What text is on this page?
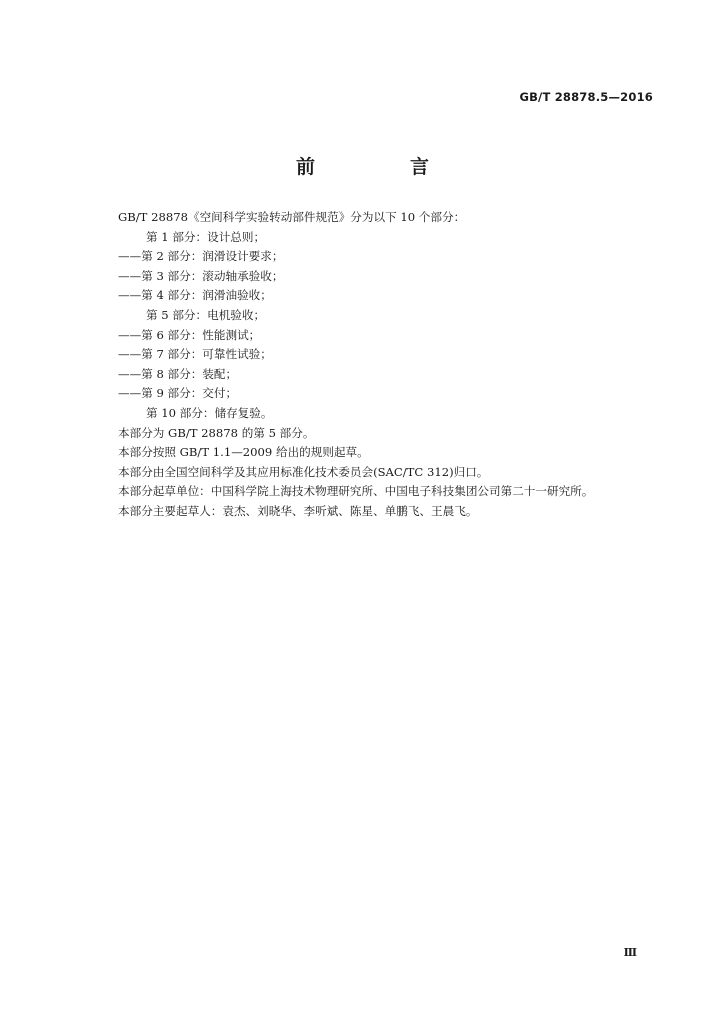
GB/T 28878.5—2016
前　言
GB/T 28878《空间科学实验转动部件规范》分为以下 10 个部分：
第 1 部分：设计总则；
——第 2 部分：润滑设计要求；
——第 3 部分：滚动轴承验收；
——第 4 部分：润滑油验收；
第 5 部分：电机验收；
——第 6 部分：性能测试；
——第 7 部分：可靠性试验；
——第 8 部分：装配；
——第 9 部分：交付；
第 10 部分：储存复验。
本部分为 GB/T 28878 的第 5 部分。
本部分按照 GB/T 1.1—2009 给出的规则起草。
本部分由全国空间科学及其应用标准化技术委员会(SAC/TC 312)归口。
本部分起草单位：中国科学院上海技术物理研究所、中国电子科技集团公司第二十一研究所。
本部分主要起草人：袁杰、刘晓华、李听斌、陈星、单鹏飞、王晨飞。
Ⅲ
